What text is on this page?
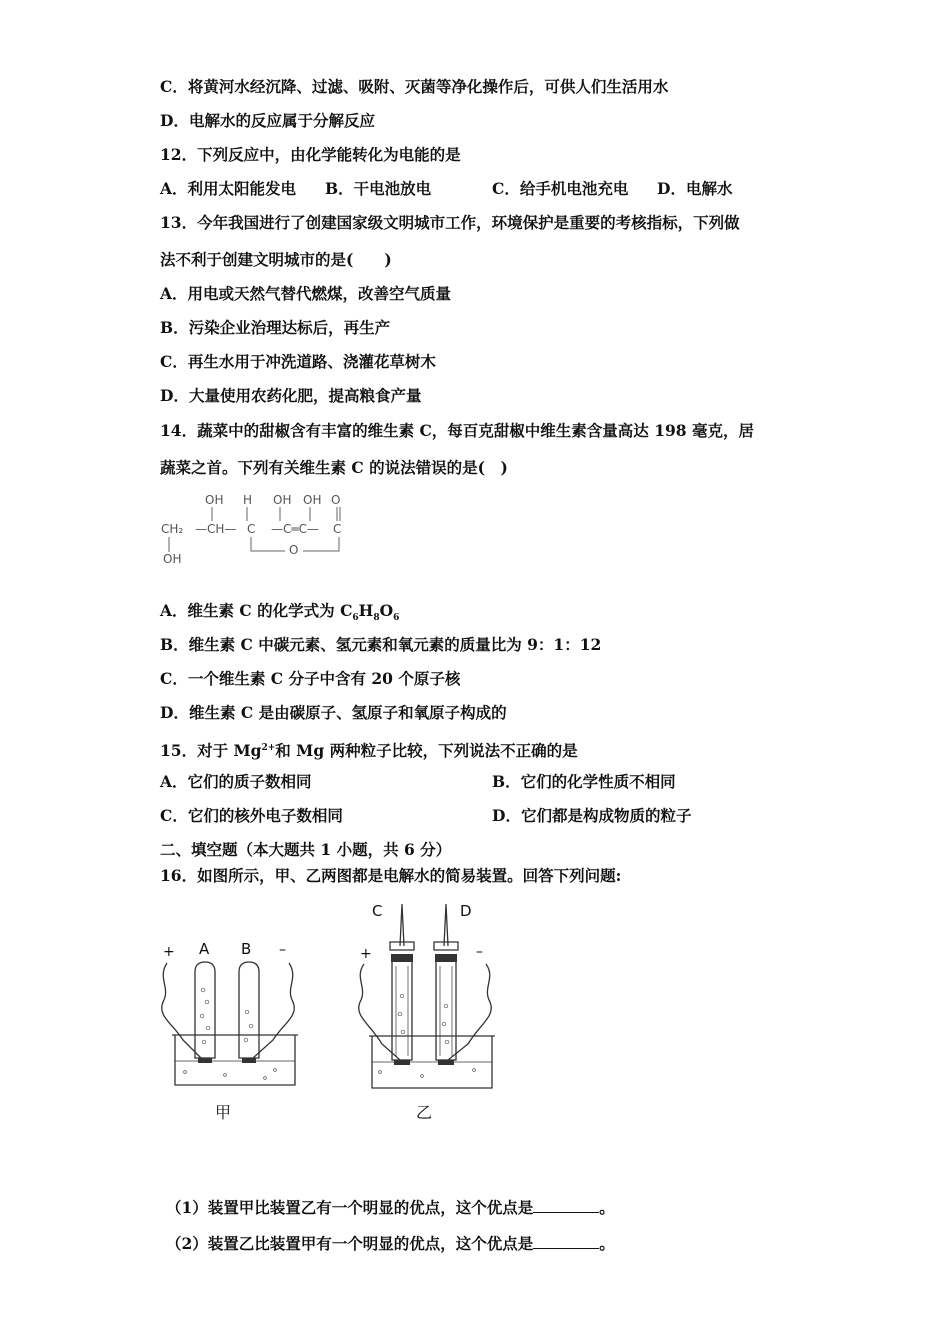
C．将黄河水经沉降、过滤、吸附、灭菌等净化操作后，可供人们生活用水
D．电解水的反应属于分解反应
12．下列反应中，由化学能转化为电能的是
A．利用太阳能发电 B．干电池放电	C．给手机电池充电 D．电解水
13．今年我国进行了创建国家级文明城市工作，环境保护是重要的考核指标，下列做
法不利于创建文明城市的是(　　)
A．用电或天然气替代燃煤，改善空气质量
B．污染企业治理达标后，再生产
C．再生水用于冲洗道路、浇灌花草树木
D．大量使用农药化肥，提高粮食产量
14．蔬菜中的甜椒含有丰富的维生素 C，每百克甜椒中维生素含量高达 198 毫克，居
蔬菜之首。下列有关维生素 C 的说法错误的是(　)
OH H OH OH O
CH₂ —CH— C —C═C— C
O
OH
A．维生素 C 的化学式为 $C_6H_8O_6$
B．维生素 C 中碳元素、氢元素和氧元素的质量比为 9：1：12
C．一个维生素 C 分子中含有 20 个原子核
D．维生素 C 是由碳原子、氢原子和氧原子构成的
15．对于 $Mg^{2+}$和 Mg 两种粒子比较，下列说法不正确的是
A．它们的质子数相同	B．它们的化学性质不相同
C．它们的核外电子数相同	D．它们都是构成物质的粒子
二、填空题（本大题共 1 小题，共 6 分）
16．如图所示，甲、乙两图都是电解水的简易装置。回答下列问题:
+	–
A B
甲
+	–
C	D
乙
（1）装置甲比装置乙有一个明显的优点，这个优点是	。
（2）装置乙比装置甲有一个明显的优点，这个优点是	。
